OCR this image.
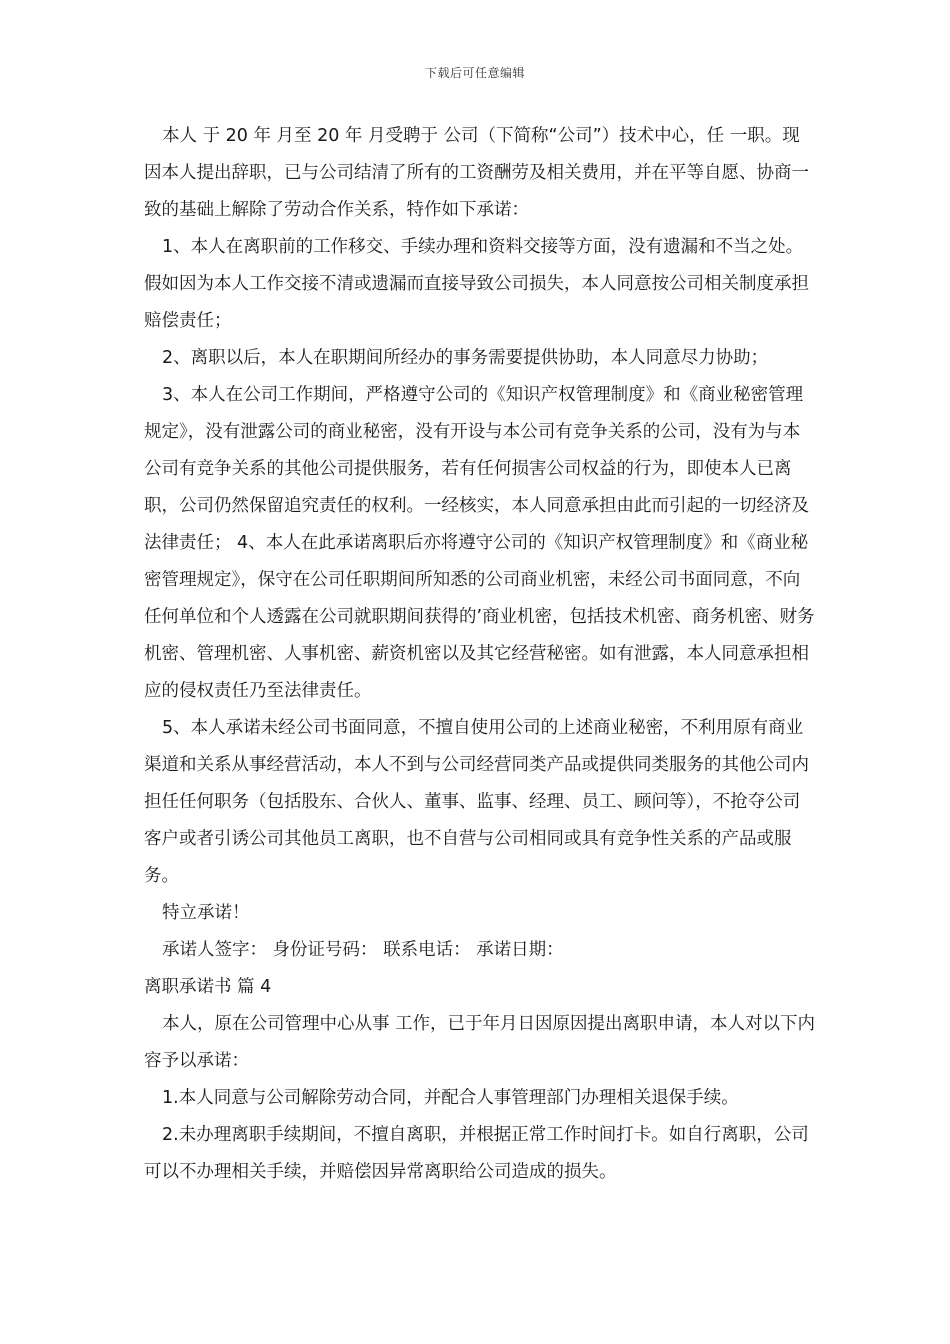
下载后可任意编辑

本人 于 20 年 月至 20 年 月受聘于 公司（下简称“公司”）技术中心，任 一职。现因本人提出辞职，已与公司结清了所有的工资酬劳及相关费用，并在平等自愿、协商一致的基础上解除了劳动合作关系，特作如下承诺：

1、本人在离职前的工作移交、手续办理和资料交接等方面，没有遗漏和不当之处。假如因为本人工作交接不清或遗漏而直接导致公司损失，本人同意按公司相关制度承担赔偿责任；

2、离职以后，本人在职期间所经办的事务需要提供协助，本人同意尽力协助；

3、本人在公司工作期间，严格遵守公司的《知识产权管理制度》和《商业秘密管理规定》，没有泄露公司的商业秘密，没有开设与本公司有竞争关系的公司，没有为与本公司有竞争关系的其他公司提供服务，若有任何损害公司权益的行为，即使本人已离职，公司仍然保留追究责任的权利。一经核实，本人同意承担由此而引起的一切经济及法律责任； 4、本人在此承诺离职后亦将遵守公司的《知识产权管理制度》和《商业秘密管理规定》，保守在公司任职期间所知悉的公司商业机密，未经公司书面同意，不向任何单位和个人透露在公司就职期间获得的’商业机密，包括技术机密、商务机密、财务机密、管理机密、人事机密、薪资机密以及其它经营秘密。如有泄露，本人同意承担相应的侵权责任乃至法律责任。

5、本人承诺未经公司书面同意，不擅自使用公司的上述商业秘密，不利用原有商业渠道和关系从事经营活动，本人不到与公司经营同类产品或提供同类服务的其他公司内担任任何职务（包括股东、合伙人、董事、监事、经理、员工、顾问等），不抢夺公司客户或者引诱公司其他员工离职，也不自营与公司相同或具有竞争性关系的产品或服务。

特立承诺！

承诺人签字： 身份证号码： 联系电话： 承诺日期：

离职承诺书 篇 4

本人，原在公司管理中心从事 工作，已于年月日因原因提出离职申请，本人对以下内容予以承诺：

1.本人同意与公司解除劳动合同，并配合人事管理部门办理相关退保手续。

2.未办理离职手续期间，不擅自离职，并根据正常工作时间打卡。如自行离职，公司可以不办理相关手续，并赔偿因异常离职给公司造成的损失。
